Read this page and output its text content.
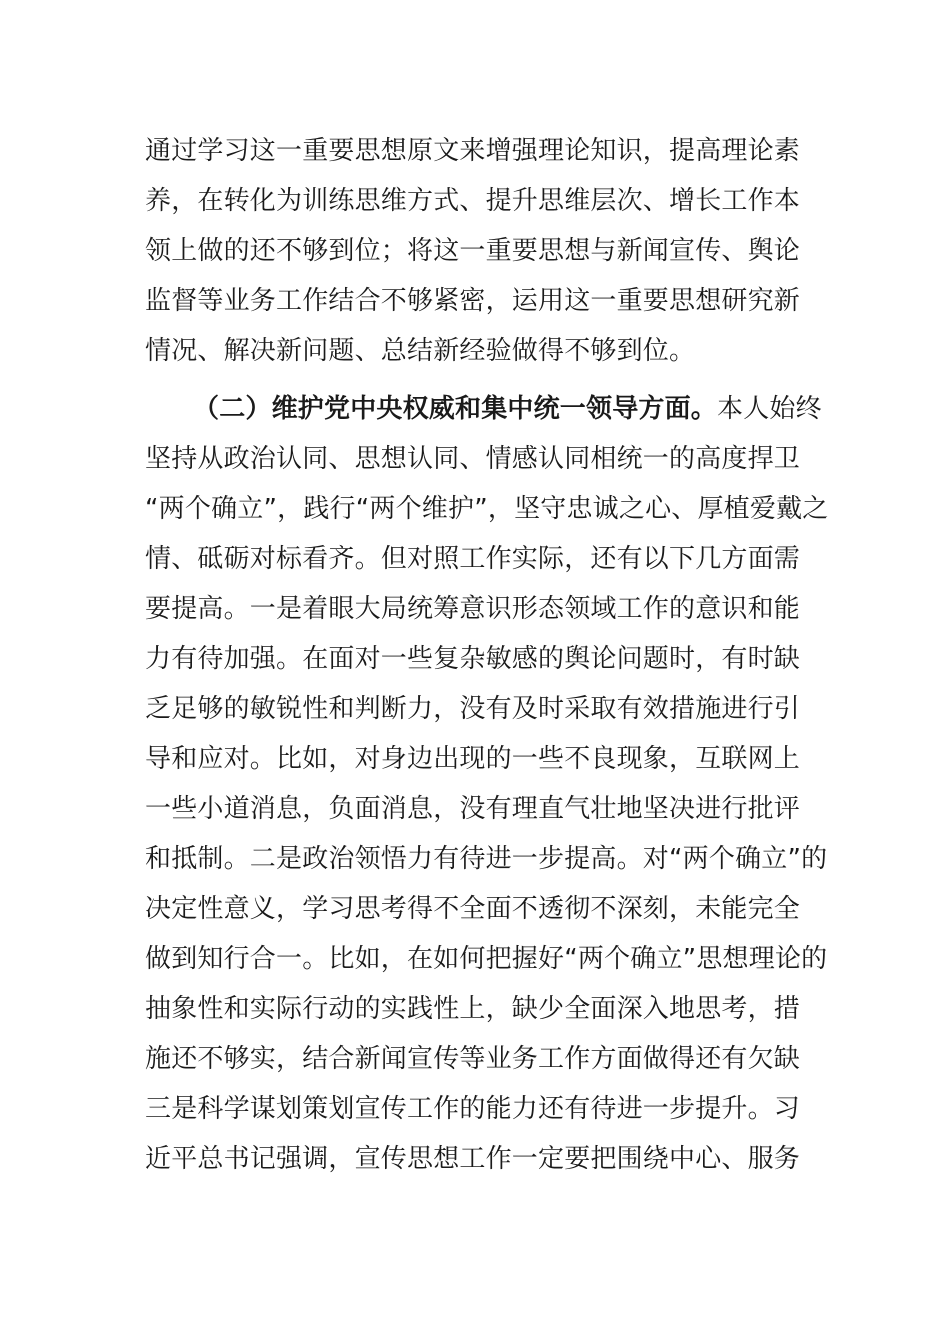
通过学习这一重要思想原文来增强理论知识，提高理论素
养，在转化为训练思维方式、提升思维层次、增长工作本
领上做的还不够到位；将这一重要思想与新闻宣传、舆论
监督等业务工作结合不够紧密，运用这一重要思想研究新
情况、解决新问题、总结新经验做得不够到位。
（二）维护党中央权威和集中统一领导方面。本人始终
坚持从政治认同、思想认同、情感认同相统一的高度捍卫
“两个确立”，践行“两个维护”，坚守忠诚之心、厚植爱戴之
情、砥砺对标看齐。但对照工作实际，还有以下几方面需
要提高。一是着眼大局统筹意识形态领域工作的意识和能
力有待加强。在面对一些复杂敏感的舆论问题时，有时缺
乏足够的敏锐性和判断力，没有及时采取有效措施进行引
导和应对。比如，对身边出现的一些不良现象，互联网上
一些小道消息，负面消息，没有理直气壮地坚决进行批评
和抵制。二是政治领悟力有待进一步提高。对“两个确立”的
决定性意义，学习思考得不全面不透彻不深刻，未能完全
做到知行合一。比如，在如何把握好“两个确立”思想理论的
抽象性和实际行动的实践性上，缺少全面深入地思考，措
施还不够实，结合新闻宣传等业务工作方面做得还有欠缺
三是科学谋划策划宣传工作的能力还有待进一步提升。习
近平总书记强调，宣传思想工作一定要把围绕中心、服务
